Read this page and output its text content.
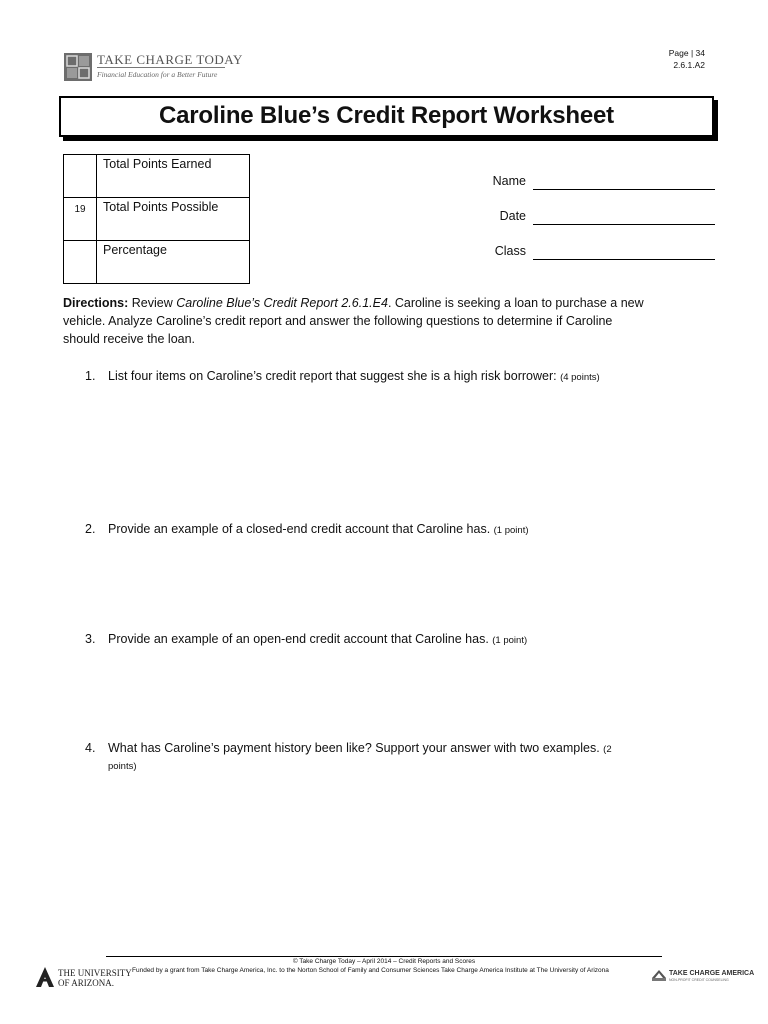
TAKE CHARGE TODAY
Financial Education for a Better Future
Page | 34
2.6.1.A2
Caroline Blue’s Credit Report Worksheet
	Total Points Earned
19	Total Points Possible
	Percentage
Name
Date
Class
Directions: Review Caroline Blue’s Credit Report 2.6.1.E4. Caroline is seeking a loan to purchase a new
vehicle. Analyze Caroline’s credit report and answer the following questions to determine if Caroline
should receive the loan.
1. List four items on Caroline’s credit report that suggest she is a high risk borrower: (4 points)
2. Provide an example of a closed-end credit account that Caroline has. (1 point)
3. Provide an example of an open-end credit account that Caroline has. (1 point)
4. What has Caroline’s payment history been like? Support your answer with two examples. (2
points)
© Take Charge Today – April 2014 – Credit Reports and Scores
Funded by a grant from Take Charge America, Inc. to the Norton School of Family and Consumer Sciences Take Charge America Institute at The University of Arizona
THE UNIVERSITY
OF ARIZONA.
TAKE CHARGE AMERICA
NON-PROFIT CREDIT COUNSELING
